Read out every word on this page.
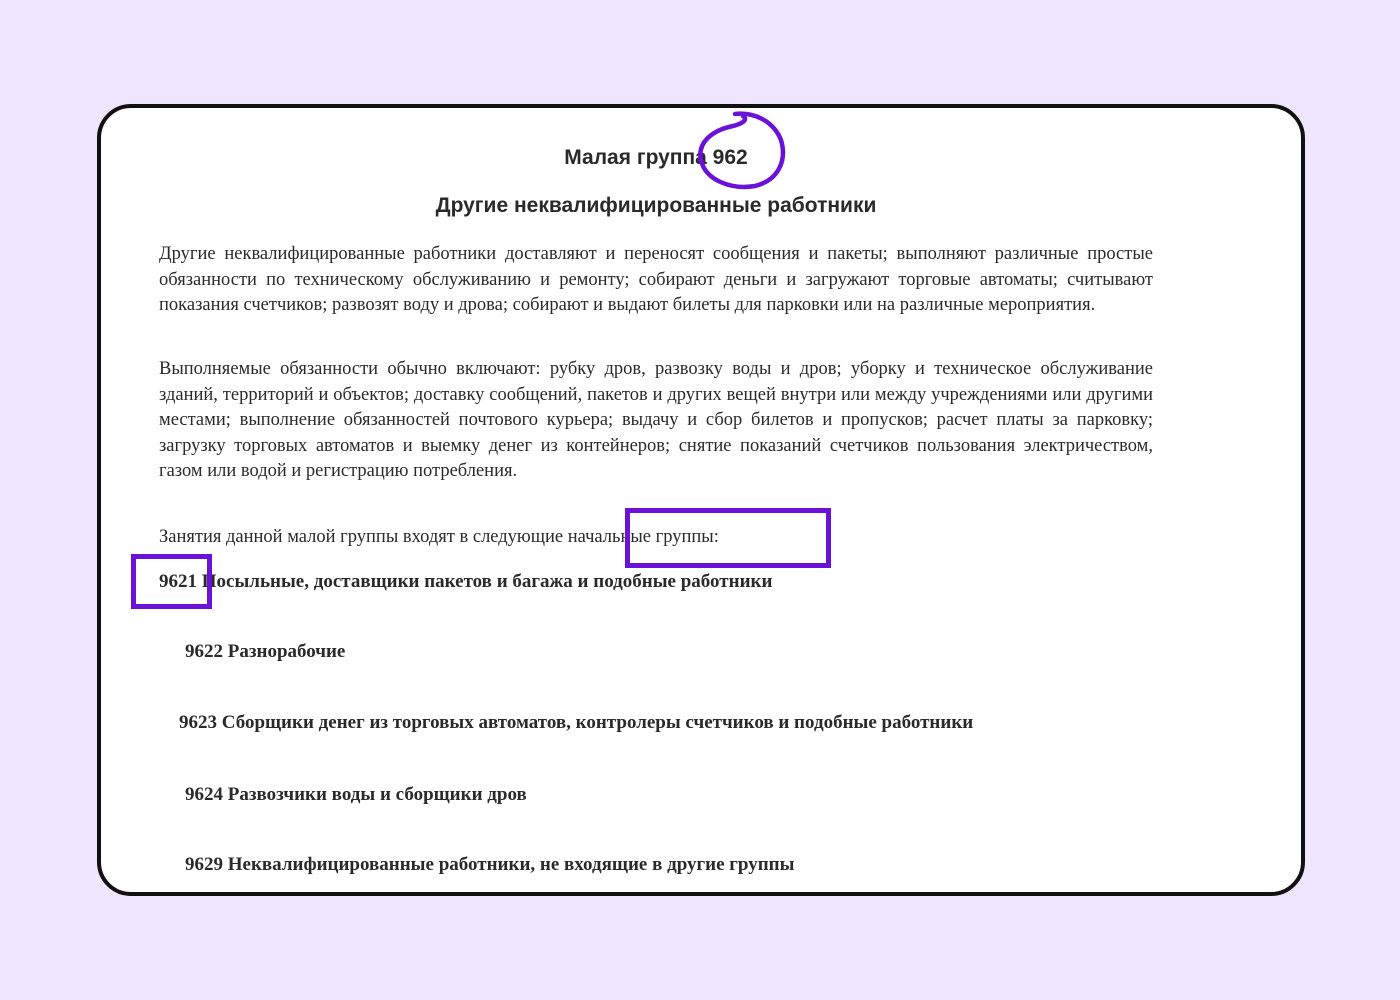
Малая группа 962
Другие неквалифицированные работники

Другие неквалифицированные работники доставляют и переносят сообщения и пакеты; выполняют различные простые обязанности по техническому обслуживанию и ремонту; собирают деньги и загружают торговые автоматы; считывают показания счетчиков; развозят воду и дрова; собирают и выдают билеты для парковки или на различные мероприятия.

Выполняемые обязанности обычно включают: рубку дров, развозку воды и дров; уборку и техническое обслуживание зданий, территорий и объектов; доставку сообщений, пакетов и других вещей внутри или между учреждениями или другими местами; выполнение обязанностей почтового курьера; выдачу и сбор билетов и пропусков; расчет платы за парковку; загрузку торговых автоматов и выемку денег из контейнеров; снятие показаний счетчиков пользования электричеством, газом или водой и регистрацию потребления.

Занятия данной малой группы входят в следующие начальные группы:

9621 Посыльные, доставщики пакетов и багажа и подобные работники

9622 Разнорабочие

9623 Сборщики денег из торговых автоматов, контролеры счетчиков и подобные работники

9624 Развозчики воды и сборщики дров

9629 Неквалифицированные работники, не входящие в другие группы
